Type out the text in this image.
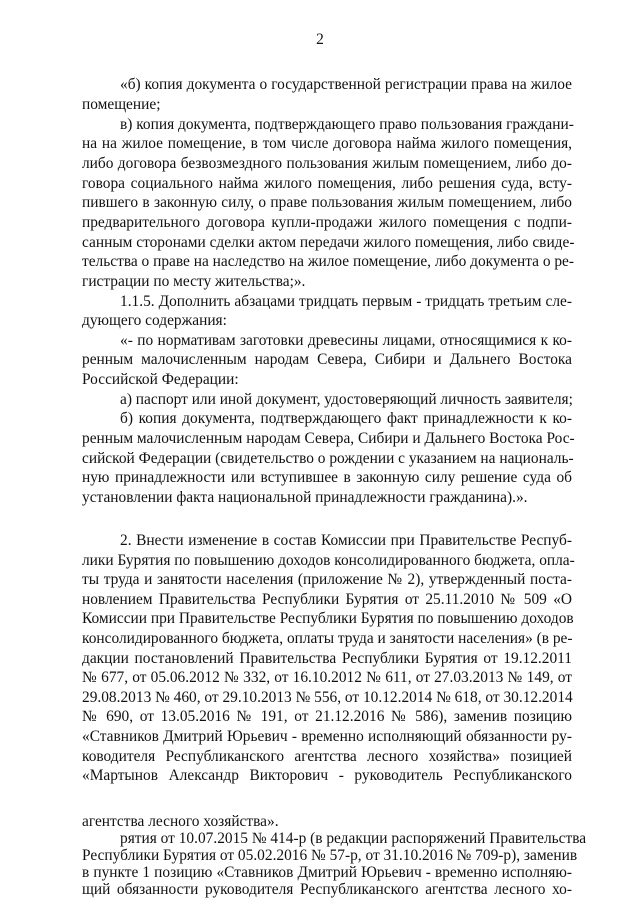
2
«б) копия документа о государственной регистрации права на жилое
помещение;
в) копия документа, подтверждающего право пользования граждани-
на на жилое помещение, в том числе договора найма жилого помещения,
либо договора безвозмездного пользования жилым помещением, либо до-
говора социального найма жилого помещения, либо решения суда, всту-
пившего в законную силу, о праве пользования жилым помещением, либо
предварительного договора купли-продажи жилого помещения с подпи-
санным сторонами сделки актом передачи жилого помещения, либо свиде-
тельства о праве на наследство на жилое помещение, либо документа о ре-
гистрации по месту жительства;».
1.1.5. Дополнить абзацами тридцать первым - тридцать третьим сле-
дующего содержания:
«- по нормативам заготовки древесины лицами, относящимися к ко-
ренным малочисленным народам Севера, Сибири и Дальнего Востока
Российской Федерации:
а) паспорт или иной документ, удостоверяющий личность заявителя;
б) копия документа, подтверждающего факт принадлежности к ко-
ренным малочисленным народам Севера, Сибири и Дальнего Востока Рос-
сийской Федерации (свидетельство о рождении с указанием на националь-
ную принадлежности или вступившее в законную силу решение суда об
установлении факта национальной принадлежности гражданина).».
2. Внести изменение в состав Комиссии при Правительстве Респуб-
лики Бурятия по повышению доходов консолидированного бюджета, опла-
ты труда и занятости населения (приложение № 2), утвержденный поста-
новлением Правительства Республики Бурятия от 25.11.2010 № 509 «О
Комиссии при Правительстве Республики Бурятия по повышению доходов
консолидированного бюджета, оплаты труда и занятости населения» (в ре-
дакции постановлений Правительства Республики Бурятия от 19.12.2011
№ 677, от 05.06.2012 № 332, от 16.10.2012 № 611, от 27.03.2013 № 149, от
29.08.2013 № 460, от 29.10.2013 № 556, от 10.12.2014 № 618, от 30.12.2014
№ 690, от 13.05.2016 № 191, от 21.12.2016 № 586), заменив позицию
«Ставников Дмитрий Юрьевич - временно исполняющий обязанности ру-
ководителя Республиканского агентства лесного хозяйства» позицией
«Мартынов Александр Викторович - руководитель Республиканского
агентства лесного хозяйства».
рятия от 10.07.2015 № 414-р (в редакции распоряжений Правительства
Республики Бурятия от 05.02.2016 № 57-р, от 31.10.2016 № 709-р), заменив
в пункте 1 позицию «Ставников Дмитрий Юрьевич - временно исполняю-
щий обязанности руководителя Республиканского агентства лесного хо-
